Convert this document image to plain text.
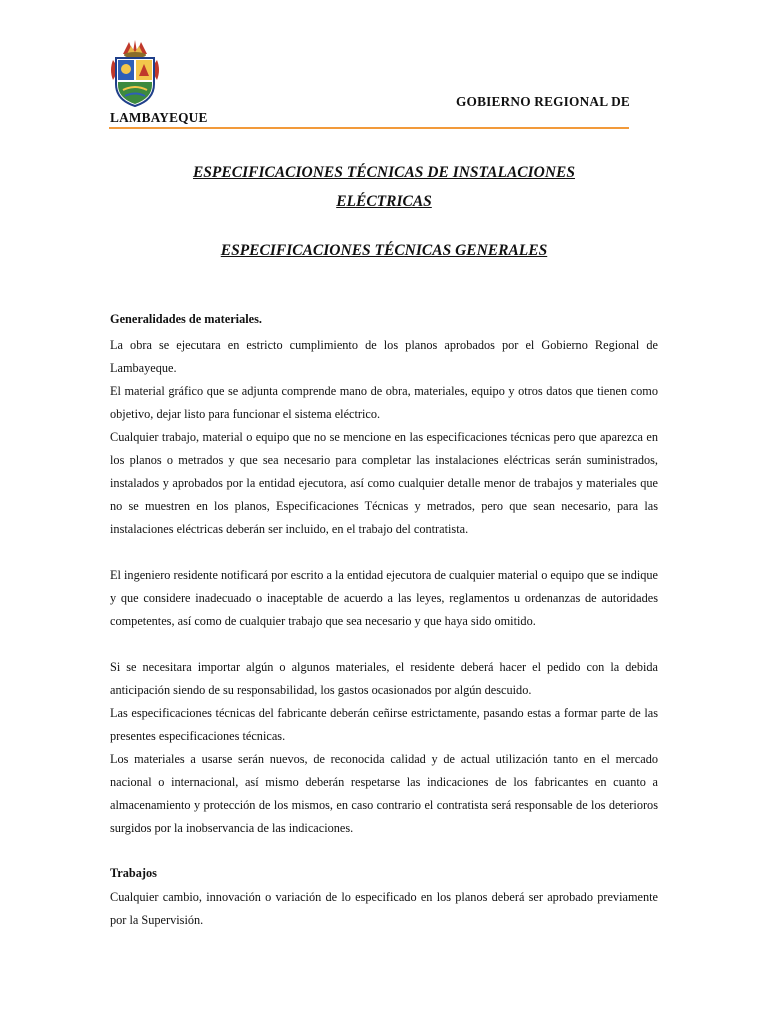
GOBIERNO REGIONAL DE
LAMBAYEQUE
ESPECIFICACIONES TÉCNICAS DE INSTALACIONES
ELÉCTRICAS
ESPECIFICACIONES TÉCNICAS GENERALES
Generalidades de materiales.
La obra se ejecutara en estricto cumplimiento de los planos aprobados por el Gobierno Regional de Lambayeque.
El material gráfico que se adjunta comprende mano de obra, materiales, equipo y otros datos que tienen como objetivo, dejar listo para funcionar el sistema eléctrico.
Cualquier trabajo, material o equipo que no se mencione en las especificaciones técnicas pero que aparezca en los planos o metrados y que sea necesario para completar las instalaciones eléctricas serán suministrados, instalados y aprobados por la entidad ejecutora, así como cualquier detalle menor de trabajos y materiales que no se muestren en los planos, Especificaciones Técnicas y metrados, pero que sean necesario, para las instalaciones eléctricas deberán ser incluido, en el trabajo del contratista.
El ingeniero residente notificará por escrito a la entidad ejecutora de cualquier material o equipo que se indique y que considere inadecuado o inaceptable de acuerdo a las leyes, reglamentos u ordenanzas de autoridades competentes, así como de cualquier trabajo que sea necesario y que haya sido omitido.
Si se necesitara importar algún o algunos materiales, el residente deberá hacer el pedido con la debida anticipación siendo de su responsabilidad, los gastos ocasionados por algún descuido.
Las especificaciones técnicas del fabricante deberán ceñirse estrictamente, pasando estas a formar parte de las presentes especificaciones técnicas.
Los materiales a usarse serán nuevos, de reconocida calidad y de actual utilización tanto en el mercado nacional o internacional, así mismo deberán respetarse las indicaciones de los fabricantes en cuanto a almacenamiento y protección de los mismos, en caso contrario el contratista será responsable de los deterioros surgidos por la inobservancia de las indicaciones.
Trabajos
Cualquier cambio, innovación o variación de lo especificado en los planos deberá ser aprobado previamente por la Supervisión.
